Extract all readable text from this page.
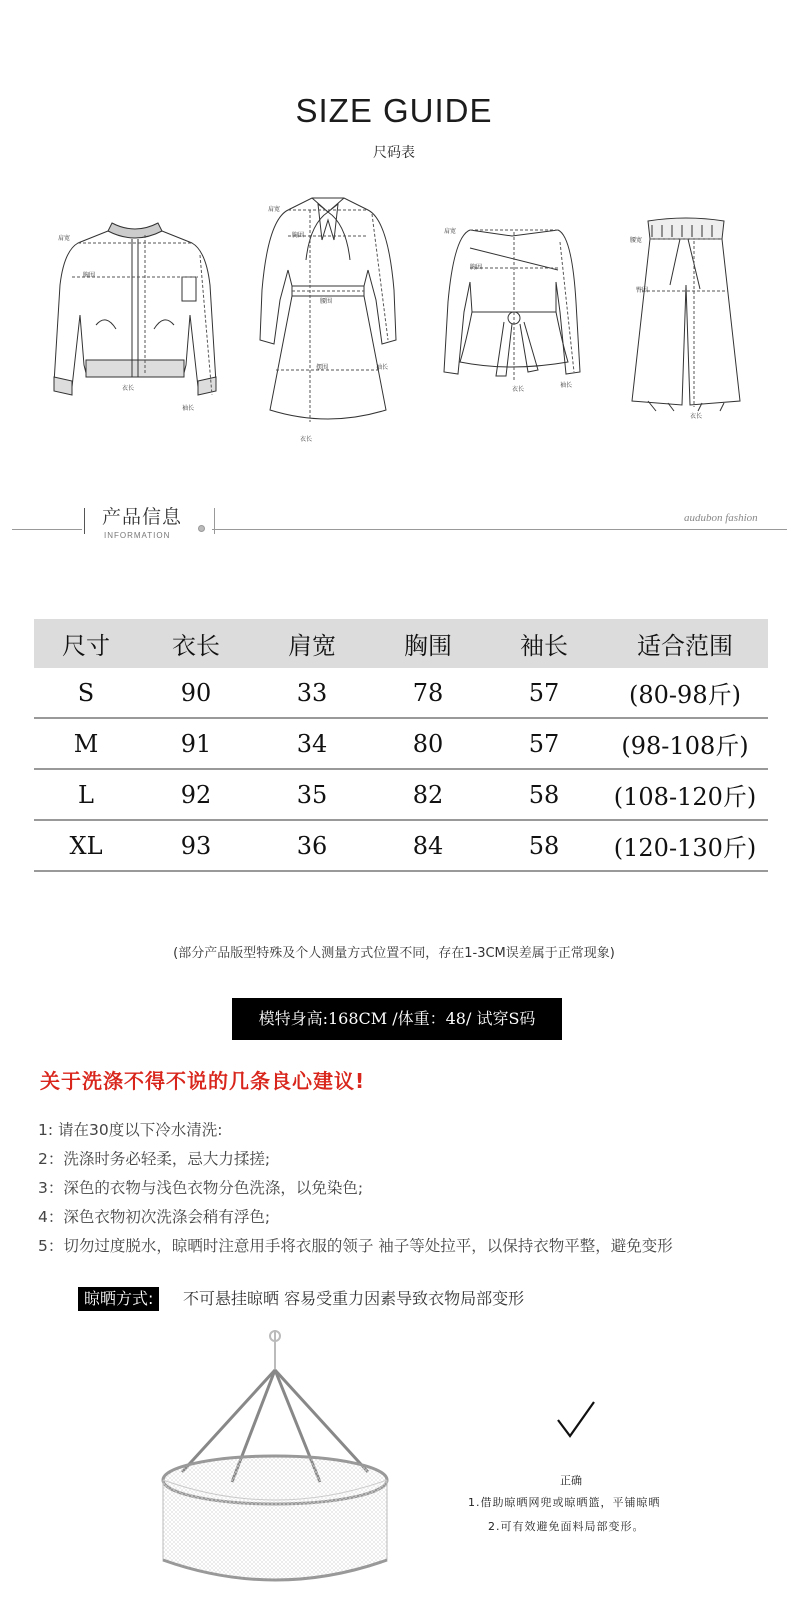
SIZE GUIDE
尺码表
肩宽
胸围
衣长
袖长
肩宽
胸围
腰围
摆围
衣长
袖长
肩宽
胸围
衣长
袖长
腰宽
臀围
衣长
产品信息
INFORMATION
audubon fashion
尺寸	衣长	肩宽	胸围	袖长	适合范围
S	90	33	78	57	(80-98斤)
M	91	34	80	57	(98-108斤)
L	92	35	82	58	(108-120斤)
XL	93	36	84	58	(120-130斤)
(部分产品版型特殊及个人测量方式位置不同，存在1-3CM误差属于正常现象)
模特身高:168CM /体重：48/ 试穿S码
关于洗涤不得不说的几条良心建议!
1: 请在30度以下冷水清洗:
2：洗涤时务必轻柔，忌大力揉搓;
3：深色的衣物与浅色衣物分色洗涤，以免染色;
4：深色衣物初次洗涤会稍有浮色;
5：切勿过度脱水，晾晒时注意用手将衣服的领子 袖子等处拉平，以保持衣物平整，避免变形
晾晒方式:	不可悬挂晾晒 容易受重力因素导致衣物局部变形
正确
1.借助晾晒网兜或晾晒篮，平铺晾晒
2.可有效避免面料局部变形。
